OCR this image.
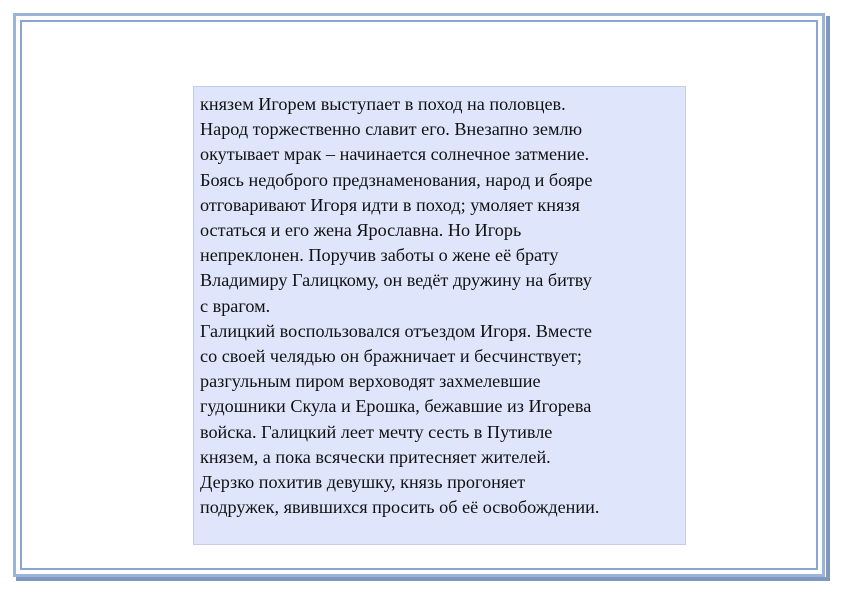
князем Игорем выступает в поход на половцев.
Народ торжественно славит его. Внезапно землю
окутывает мрак – начинается солнечное затмение.
Боясь недоброго предзнаменования, народ и бояре
отговаривают Игоря идти в поход; умоляет князя
остаться и его жена Ярославна. Но Игорь
непреклонен. Поручив заботы о жене её брату
Владимиру Галицкому, он ведёт дружину на битву
с врагом.

Галицкий воспользовался отъездом Игоря. Вместе
со своей челядью он бражничает и бесчинствует;
разгульным пиром верховодят захмелевшие
гудошники Скула и Ерошка, бежавшие из Игорева
войска. Галицкий леет мечту сесть в Путивле
князем, а пока всячески притесняет жителей.
Дерзко похитив девушку, князь прогоняет
подружек, явившихся просить об её освобождении.
